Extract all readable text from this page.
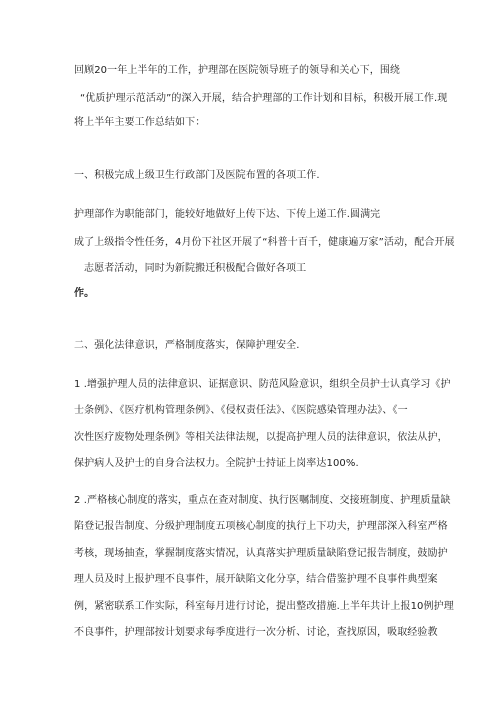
回顾20一年上半年的工作，护理部在医院领导班子的领导和关心下，围绕
“优质护理示范活动”的深入开展，结合护理部的工作计划和目标，积极开展工作.现
将上半年主要工作总结如下：
一、积极完成上级卫生行政部门及医院布置的各项工作.
护理部作为职能部门，能较好地做好上传下达、下传上递工作.圆满完
成了上级指令性任务，4月份下社区开展了“科普十百千，健康遍万家”活动，配合开展
志愿者活动，同时为新院搬迁积极配合做好各项工
作。
二、强化法律意识，严格制度落实，保障护理安全.
1 .增强护理人员的法律意识、证据意识、防范风险意识，组织全员护士认真学习《护
士条例》、《医疗机构管理条例》、《侵权责任法》、《医院感染管理办法》、《一
次性医疗废物处理条例》等相关法律法规，以提高护理人员的法律意识，依法从护，
保护病人及护士的自身合法权力。全院护士持证上岗率达100%.
2 .严格核心制度的落实，重点在查对制度、执行医嘱制度、交接班制度、护理质量缺
陷登记报告制度、分级护理制度五项核心制度的执行上下功夫，护理部深入科室严格
考核，现场抽查，掌握制度落实情况，认真落实护理质量缺陷登记报告制度，鼓励护
理人员及时上报护理不良事件，展开缺陷文化分享，结合借鉴护理不良事件典型案
例，紧密联系工作实际，科室每月进行讨论，提出整改措施.上半年共计上报10例护理
不良事件，护理部按计划要求每季度进行一次分析、讨论，查找原因，吸取经验教
